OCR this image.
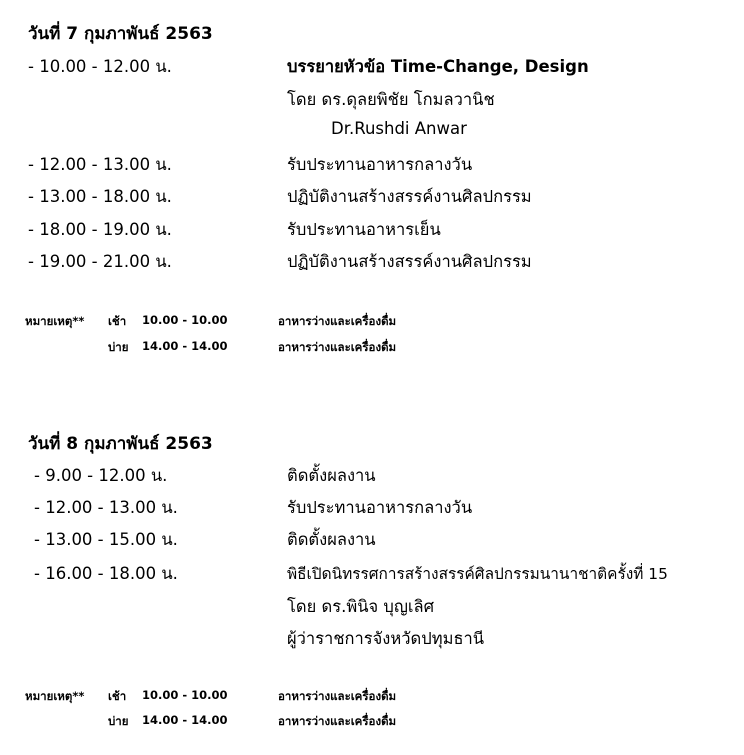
วันที่ 7 กุมภาพันธ์ 2563
- 10.00 - 12.00 น.	บรรยายหัวข้อ Time-Change, Design
โดย ดร.ดุลยพิชัย โกมลวานิช
Dr.Rushdi Anwar
- 12.00 - 13.00 น.	รับประทานอาหารกลางวัน
- 13.00 - 18.00 น.	ปฏิบัติงานสร้างสรรค์งานศิลปกรรม
- 18.00 - 19.00 น.	รับประทานอาหารเย็น
- 19.00 - 21.00 น.	ปฏิบัติงานสร้างสรรค์งานศิลปกรรม
หมายเหตุ** เช้า 10.00 - 10.00	อาหารว่างและเครื่องดื่ม
บ่าย 14.00 - 14.00	อาหารว่างและเครื่องดื่ม
วันที่ 8 กุมภาพันธ์ 2563
- 9.00 - 12.00 น.	ติดตั้งผลงาน
- 12.00 - 13.00 น.	รับประทานอาหารกลางวัน
- 13.00 - 15.00 น.	ติดตั้งผลงาน
- 16.00 - 18.00 น.	พิธีเปิดนิทรรศการสร้างสรรค์ศิลปกรรมนานาชาติครั้งที่ 15
โดย ดร.พินิจ บุญเลิศ
ผู้ว่าราชการจังหวัดปทุมธานี
หมายเหตุ** เช้า 10.00 - 10.00	อาหารว่างและเครื่องดื่ม
บ่าย 14.00 - 14.00	อาหารว่างและเครื่องดื่ม
